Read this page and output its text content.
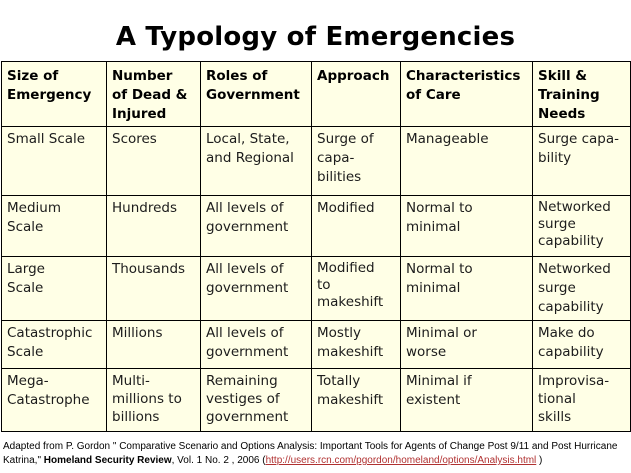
A Typology of Emergencies
Size of
Emergency	Number
of Dead &
Injured	Roles of
Government	Approach	Characteristics
of Care	Skill &
Training
Needs

Small Scale	Scores	Local, State,
and Regional	Surge of
capa-
bilities	Manageable	Surge capa-
bility

Medium
Scale	Hundreds	All levels of
government	Modified	Normal to
minimal	Networked
surge
capability

Large
Scale	Thousands	All levels of
government	Modified
to
makeshift	Normal to
minimal	Networked
surge
capability

Catastrophic
Scale	Millions	All levels of
government	Mostly
makeshift	Minimal or
worse	Make do
capability

Mega-
Catastrophe	Multi-
millions to
billions	Remaining
vestiges of
government	Totally
makeshift	Minimal if
existent	Improvisa-
tional
skills
Adapted from P. Gordon " Comparative Scenario and Options Analysis: Important Tools for Agents of Change Post 9/11 and Post Hurricane Katrina," Homeland Security Review, Vol. 1 No. 2 , 2006 (http://users.rcn.com/pgordon/homeland/options/Analysis.html )
